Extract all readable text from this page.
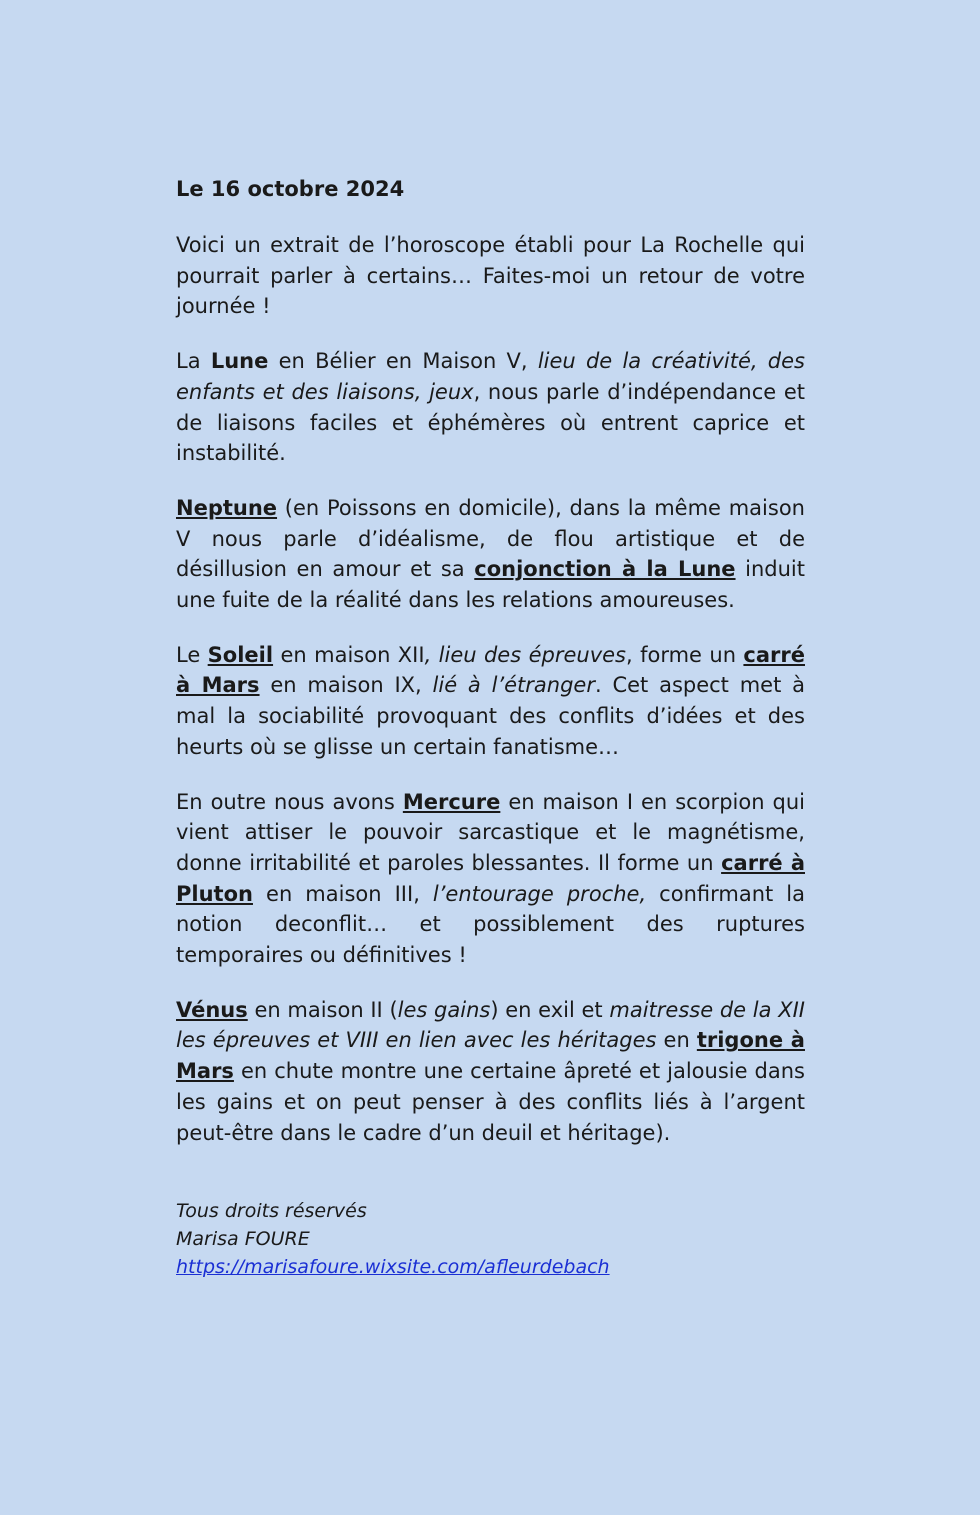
Le 16 octobre 2024

Voici un extrait de l’horoscope établi pour La Rochelle qui pourrait parler à certains… Faites-moi un retour de votre journée !

La Lune en Bélier en Maison V, lieu de la créativité, des enfants et des liaisons, jeux, nous parle d’indépendance et de liaisons faciles et éphémères où entrent caprice et instabilité.

Neptune (en Poissons en domicile), dans la même maison V nous parle d’idéalisme, de flou artistique et de désillusion en amour et sa conjonction à la Lune induit une fuite de la réalité dans les relations amoureuses.

Le Soleil en maison XII, lieu des épreuves, forme un carré à Mars en maison IX, lié à l’étranger. Cet aspect met à mal la sociabilité provoquant des conflits d’idées et des heurts où se glisse un certain fanatisme…

En outre nous avons Mercure en maison I en scorpion qui vient attiser le pouvoir sarcastique et le magnétisme, donne irritabilité et paroles blessantes. Il forme un carré à Pluton en maison III, l’entourage proche, confirmant la notion deconflit… et possiblement des ruptures temporaires ou définitives !

Vénus en maison II (les gains) en exil et maitresse de la XII les épreuves et VIII en lien avec les héritages en trigone à Mars en chute montre une certaine âpreté et jalousie dans les gains et on peut penser à des conflits liés à l’argent peut-être dans le cadre d’un deuil et héritage).

Tous droits réservés
Marisa FOURE
https://marisafoure.wixsite.com/afleurdebach
